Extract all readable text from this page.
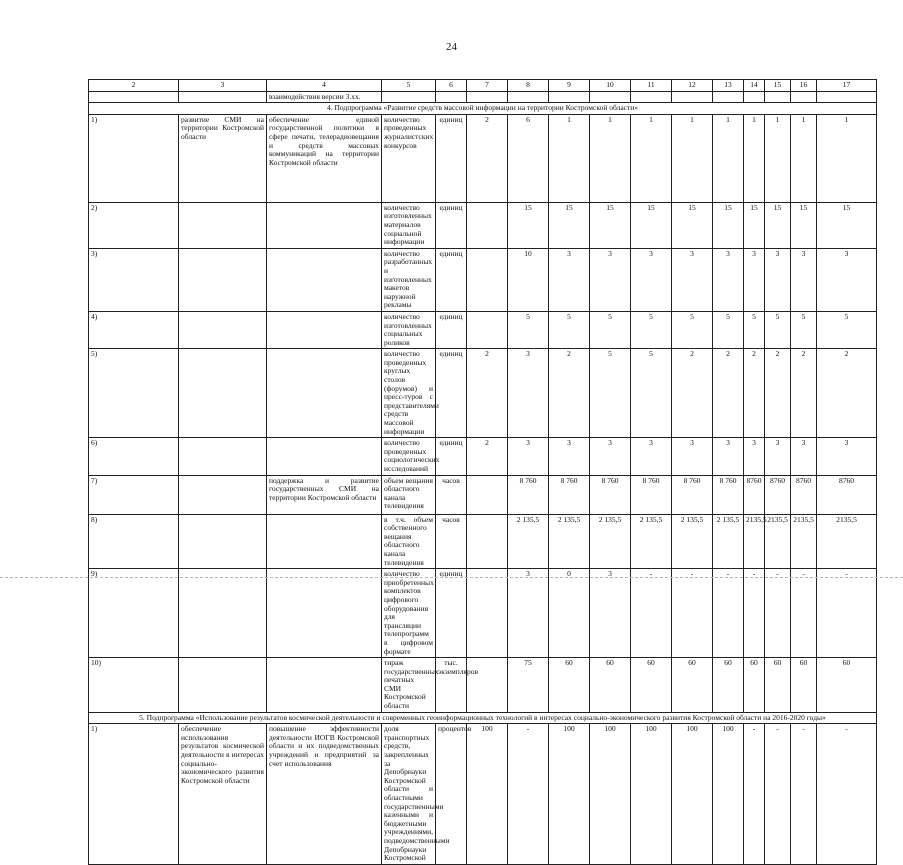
24
2	3	4	5	6	7	8	9	10	11	12	13	14	15	16	17
		взаимодействия версии 3.хх.													
4. Подпрограмма «Развитие средств массовой информации на территории Костромской области»															
1)	развитие СМИ на территории Костромской области	обеспечение единой государственной политики в сфере печати, телерадиовещания и средств массовых коммуникаций на территории Костромской области	количество проведенных журналистских конкурсов	единиц	2	6	1	1	1	1	1	1	1	1	1
2)			количество изготовленных материалов социальной информации	единиц		15	15	15	15	15	15	15	15	15	15
3)			количество разработанных и изготовленных макетов наружной рекламы	единиц		10	3	3	3	3	3	3	3	3	3
4)			количество изготовленных социальных роликов	единиц		5	5	5	5	5	5	5	5	5	5
5)			количество проведенных круглых столов (форумов) и пресс-туров с представителями средств массовой информации	единиц	2	3	2	5	5	2	2	2	2	2	2
6)			количество проведенных социологических исследований	единиц	2	3	3	3	3	3	3	3	3	3	3
7)		поддержка и развитие государственных СМИ на территории Костромской области	объем вещания областного канала телевидения	часов		8 760	8 760	8 760	8 760	8 760	8 760	8760	8760	8760	8760
8)			в т.ч. объем собственного вещания областного канала телевидения	часов		2 135,5	2 135,5	2 135,5	2 135,5	2 135,5	2 135,5	2135,5	2135,5	2135,5	2135,5
9)			количество приобретенных комплектов цифрового оборудования для трансляции телепрограмм в цифровом формате	единиц		3	0	3	-	-	-	-	-	-	-
10)			тираж государственных печатных СМИ Костромской области	тыс. экземпляров		75	60	60	60	60	60	60	60	60	60
5. Подпрограмма «Использование результатов космической деятельности и современных геоинформационных технологий в интересах социально-экономического развития Костромской области на 2016-2020 годы»															
1)	обеспечение использования результатов космической деятельности в интересах социально-экономического развития Костромской области	повышение эффективности деятельности ИОГВ Костромской области и их подведомственных учреждений и предприятий за счет использования	доля транспортных средств, закрепленных за Депобрнауки Костромской области и областными государственными казенными и бюджетными учреждениями, подведомственными Депобрнауки Костромской	процентов	100	-	100	100	100	100	100	-	-	-	-
